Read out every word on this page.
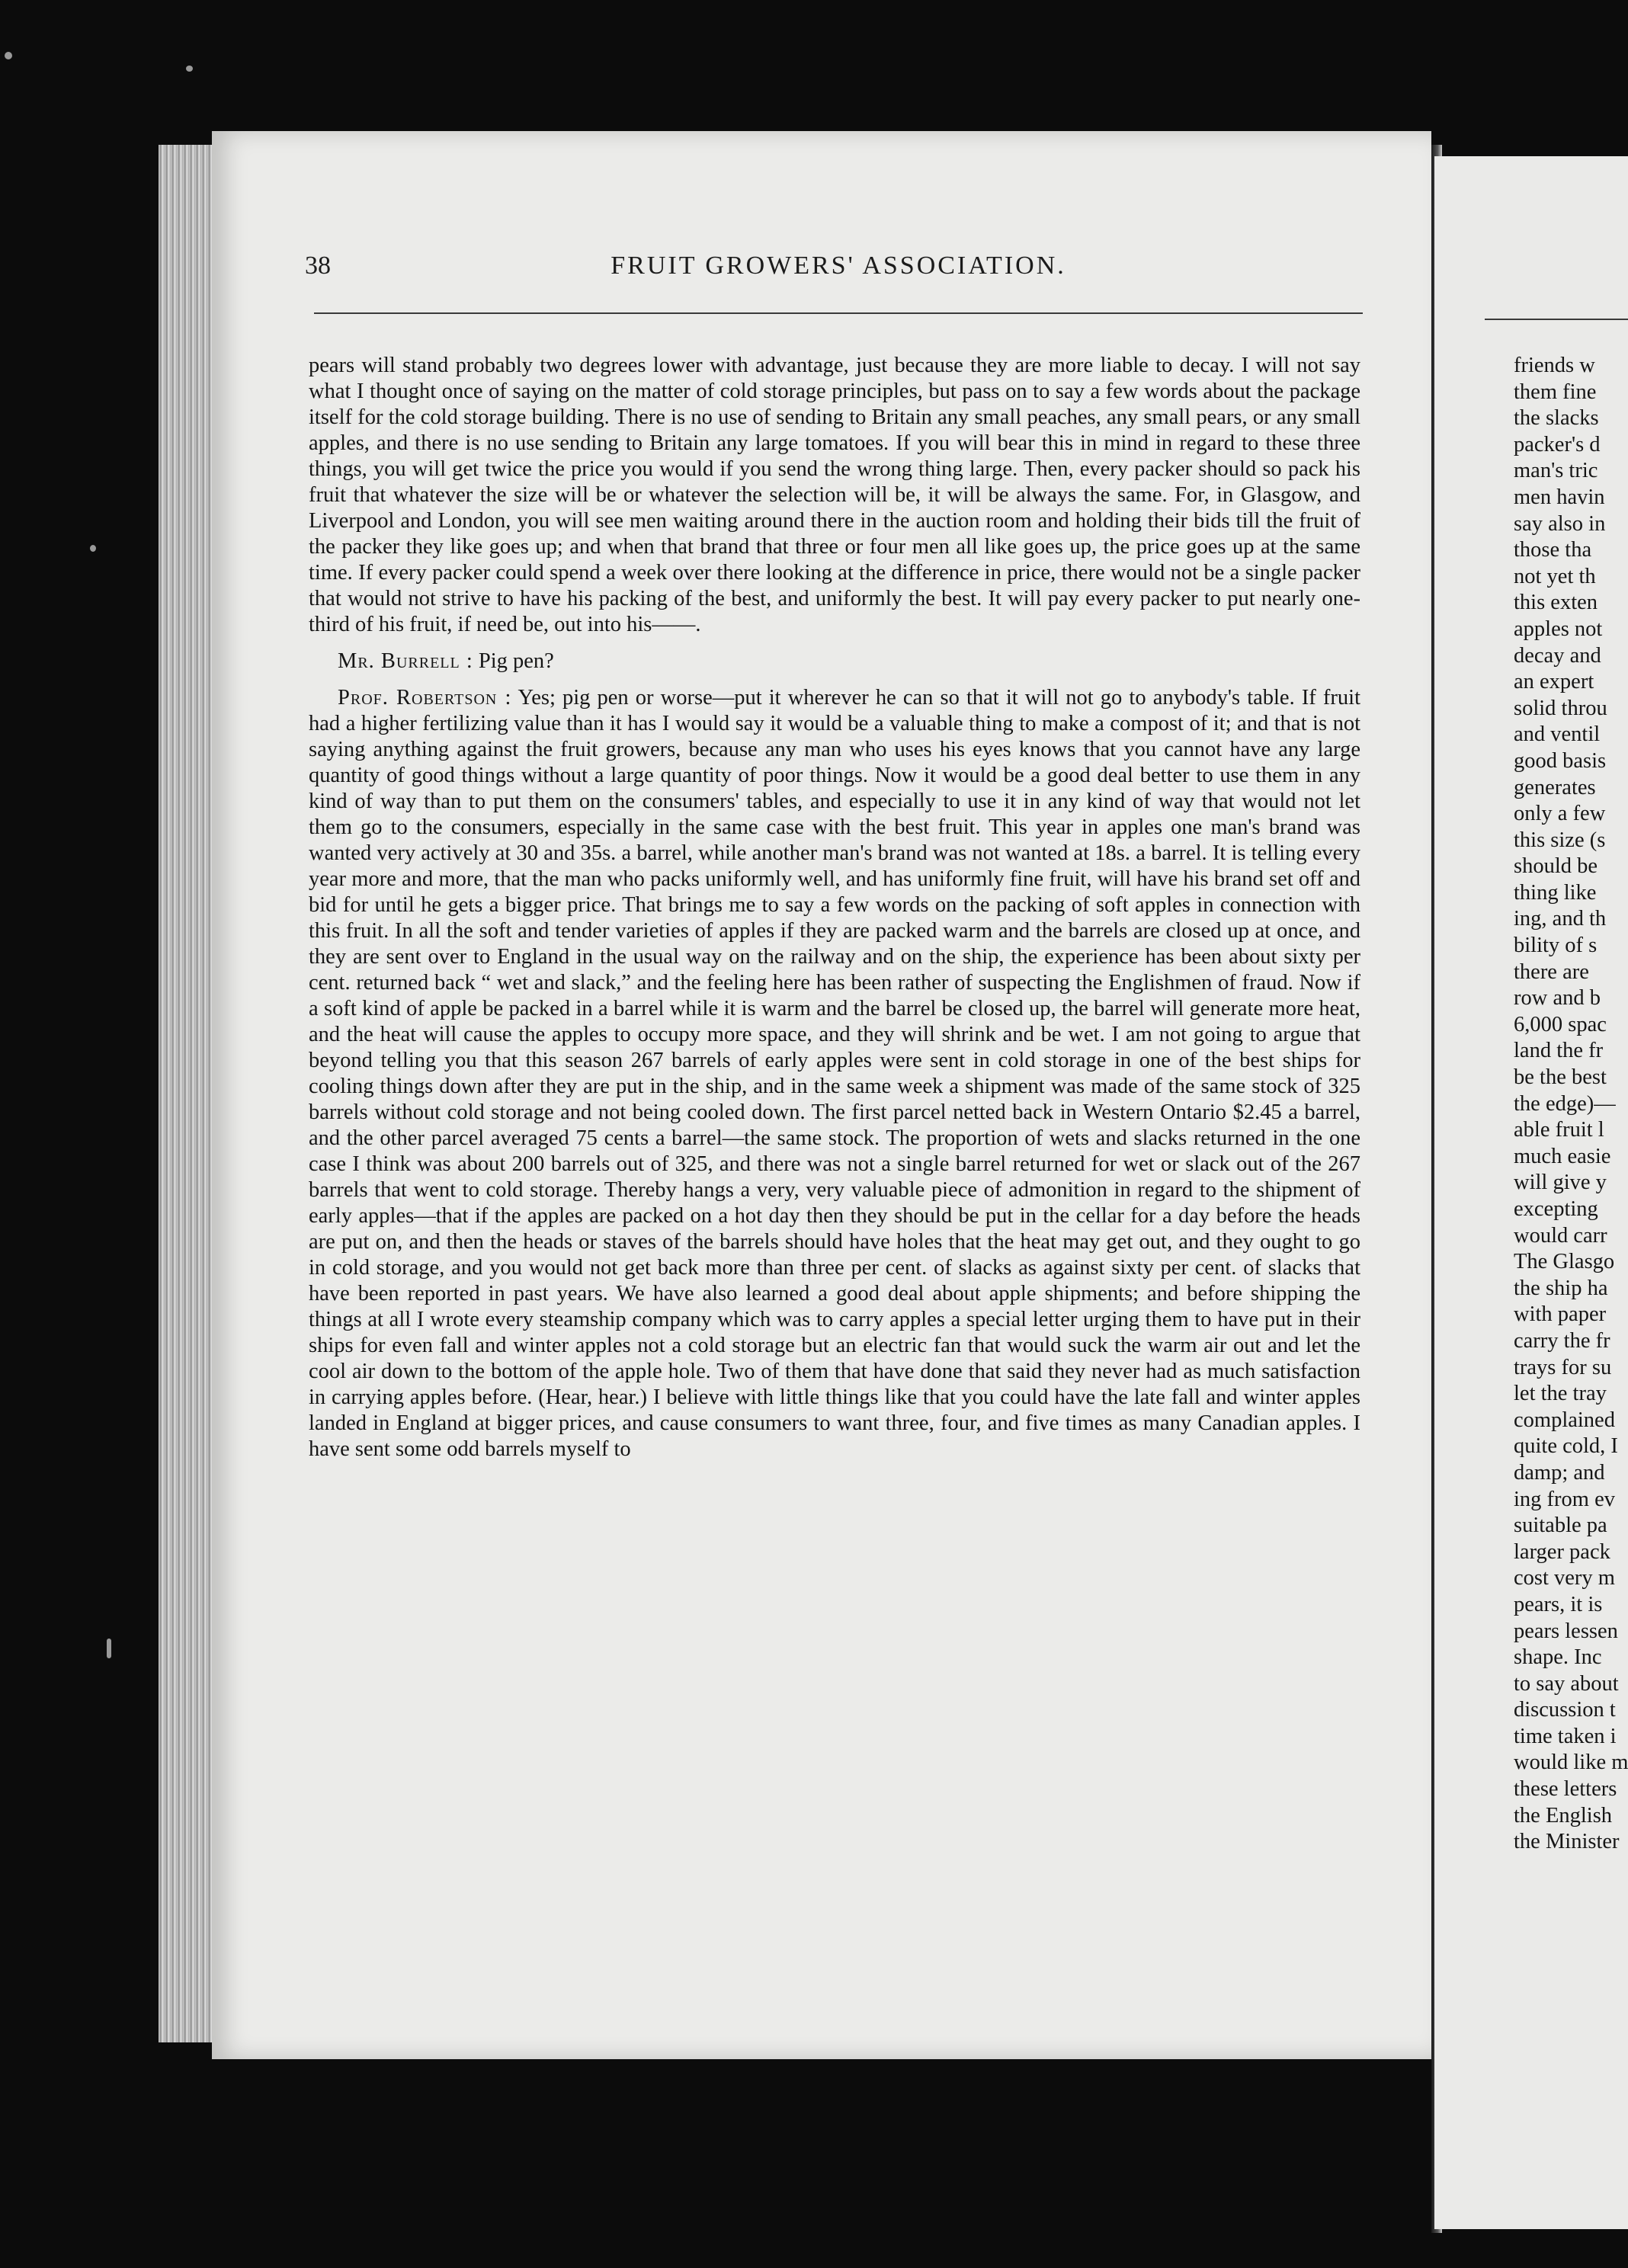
38	FRUIT GROWERS' ASSOCIATION.

pears will stand probably two degrees lower with advantage, just because they are more liable to decay. I will not say what I thought once of saying on the matter of cold storage principles, but pass on to say a few words about the package itself for the cold storage building. There is no use of sending to Britain any small peaches, any small pears, or any small apples, and there is no use sending to Britain any large tomatoes. If you will bear this in mind in regard to these three things, you will get twice the price you would if you send the wrong thing large. Then, every packer should so pack his fruit that whatever the size will be or whatever the selection will be, it will be always the same. For, in Glasgow, and Liverpool and London, you will see men waiting around there in the auction room and holding their bids till the fruit of the packer they like goes up; and when that brand that three or four men all like goes up, the price goes up at the same time. If every packer could spend a week over there looking at the difference in price, there would not be a single packer that would not strive to have his packing of the best, and uniformly the best. It will pay every packer to put nearly one-third of his fruit, if need be, out into his——.

Mr. Burrell : Pig pen?

Prof. Robertson : Yes; pig pen or worse—put it wherever he can so that it will not go to anybody's table. If fruit had a higher fertilizing value than it has I would say it would be a valuable thing to make a compost of it; and that is not saying anything against the fruit growers, because any man who uses his eyes knows that you cannot have any large quantity of good things without a large quantity of poor things. Now it would be a good deal better to use them in any kind of way than to put them on the consumers' tables, and especially to use it in any kind of way that would not let them go to the consumers, especially in the same case with the best fruit. This year in apples one man's brand was wanted very actively at 30 and 35s. a barrel, while another man's brand was not wanted at 18s. a barrel. It is telling every year more and more, that the man who packs uniformly well, and has uniformly fine fruit, will have his brand set off and bid for until he gets a bigger price. That brings me to say a few words on the packing of soft apples in connection with this fruit. In all the soft and tender varieties of apples if they are packed warm and the barrels are closed up at once, and they are sent over to England in the usual way on the railway and on the ship, the experience has been about sixty per cent. returned back “ wet and slack,” and the feeling here has been rather of suspecting the Englishmen of fraud. Now if a soft kind of apple be packed in a barrel while it is warm and the barrel be closed up, the barrel will generate more heat, and the heat will cause the apples to occupy more space, and they will shrink and be wet. I am not going to argue that beyond telling you that this season 267 barrels of early apples were sent in cold storage in one of the best ships for cooling things down after they are put in the ship, and in the same week a shipment was made of the same stock of 325 barrels without cold storage and not being cooled down. The first parcel netted back in Western Ontario $2.45 a barrel, and the other parcel averaged 75 cents a barrel—the same stock. The proportion of wets and slacks returned in the one case I think was about 200 barrels out of 325, and there was not a single barrel returned for wet or slack out of the 267 barrels that went to cold storage. Thereby hangs a very, very valuable piece of admonition in regard to the shipment of early apples—that if the apples are packed on a hot day then they should be put in the cellar for a day before the heads are put on, and then the heads or staves of the barrels should have holes that the heat may get out, and they ought to go in cold storage, and you would not get back more than three per cent. of slacks as against sixty per cent. of slacks that have been reported in past years. We have also learned a good deal about apple shipments; and before shipping the things at all I wrote every steamship company which was to carry apples a special letter urging them to have put in their ships for even fall and winter apples not a cold storage but an electric fan that would suck the warm air out and let the cool air down to the bottom of the apple hole. Two of them that have done that said they never had as much satisfaction in carrying apples before. (Hear, hear.) I believe with little things like that you could have the late fall and winter apples landed in England at bigger prices, and cause consumers to want three, four, and five times as many Canadian apples. I have sent some odd barrels myself to

friends w
them fine
the slacks
packer's d
man's tric
men havin
say also in
those tha
not yet th
this exten
apples not
decay and
an expert
solid throu
and ventil
good basis
generates
only a few
this size (s
should be
thing like
ing, and th
bility of s
there are
row and b
6,000 spac
land the fr
be the best
the edge)—
able fruit l
much easie
will give y
excepting
would carr
The Glasgo
the ship ha
with paper
carry the fr
trays for su
let the tray
complained
quite cold, I
damp; and
ing from ev
suitable pa
larger pack
cost very m
pears, it is
pears lessen
shape. Inc
to say about
discussion t
time taken i
would like m
these letters
the English
the Minister
